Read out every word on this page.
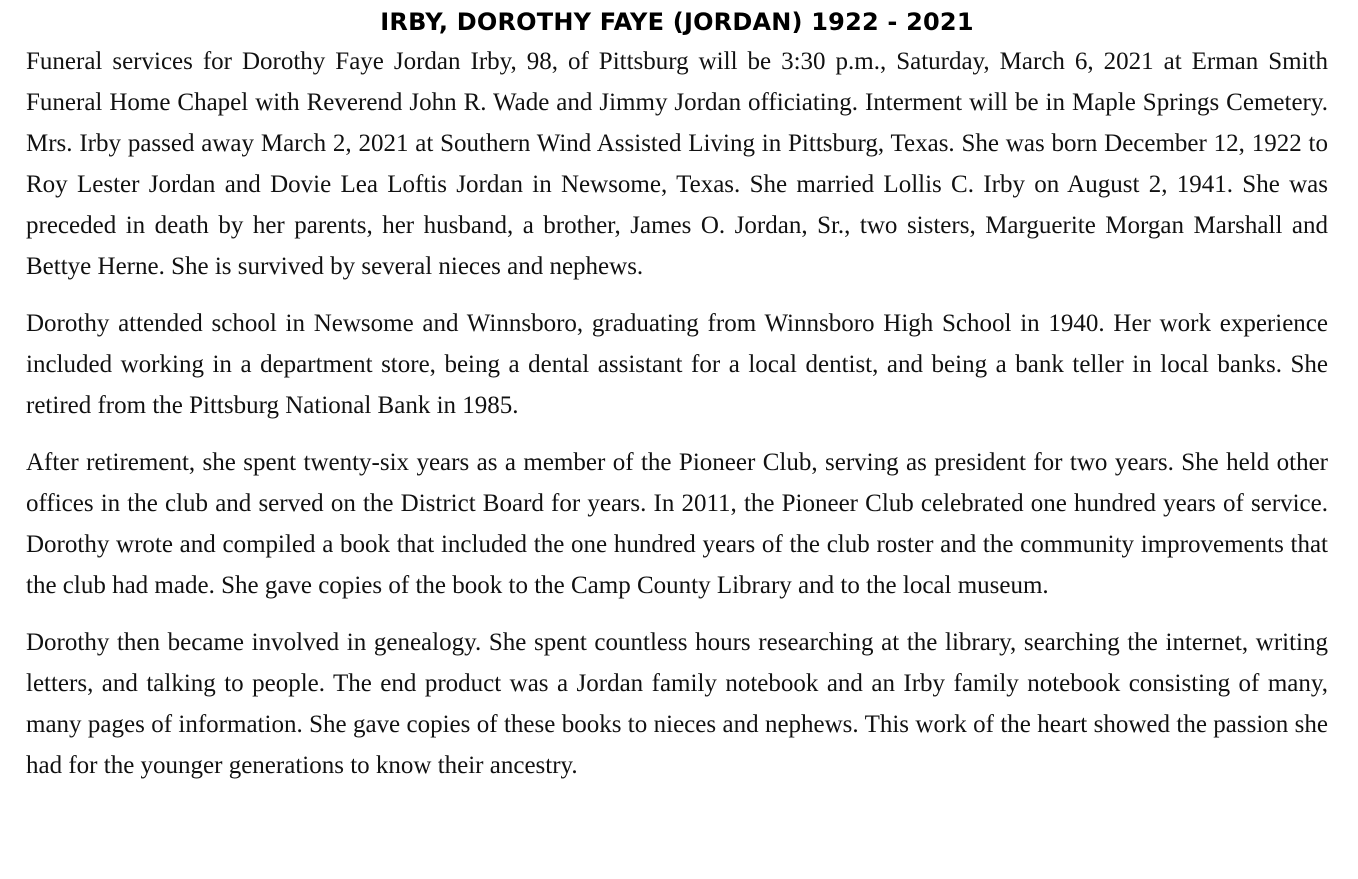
IRBY, DOROTHY FAYE (JORDAN) 1922 - 2021

Funeral services for Dorothy Faye Jordan Irby, 98, of Pittsburg will be 3:30 p.m., Saturday, March 6, 2021 at Erman Smith Funeral Home Chapel with Reverend John R. Wade and Jimmy Jordan officiating. Interment will be in Maple Springs Cemetery. Mrs. Irby passed away March 2, 2021 at Southern Wind Assisted Living in Pittsburg, Texas. She was born December 12, 1922 to Roy Lester Jordan and Dovie Lea Loftis Jordan in Newsome, Texas. She married Lollis C. Irby on August 2, 1941. She was preceded in death by her parents, her husband, a brother, James O. Jordan, Sr., two sisters, Marguerite Morgan Marshall and Bettye Herne. She is survived by several nieces and nephews.

Dorothy attended school in Newsome and Winnsboro, graduating from Winnsboro High School in 1940. Her work experience included working in a department store, being a dental assistant for a local dentist, and being a bank teller in local banks. She retired from the Pittsburg National Bank in 1985.

After retirement, she spent twenty-six years as a member of the Pioneer Club, serving as president for two years. She held other offices in the club and served on the District Board for years. In 2011, the Pioneer Club celebrated one hundred years of service. Dorothy wrote and compiled a book that included the one hundred years of the club roster and the community improvements that the club had made. She gave copies of the book to the Camp County Library and to the local museum.

Dorothy then became involved in genealogy. She spent countless hours researching at the library, searching the internet, writing letters, and talking to people. The end product was a Jordan family notebook and an Irby family notebook consisting of many, many pages of information. She gave copies of these books to nieces and nephews. This work of the heart showed the passion she had for the younger generations to know their ancestry.
